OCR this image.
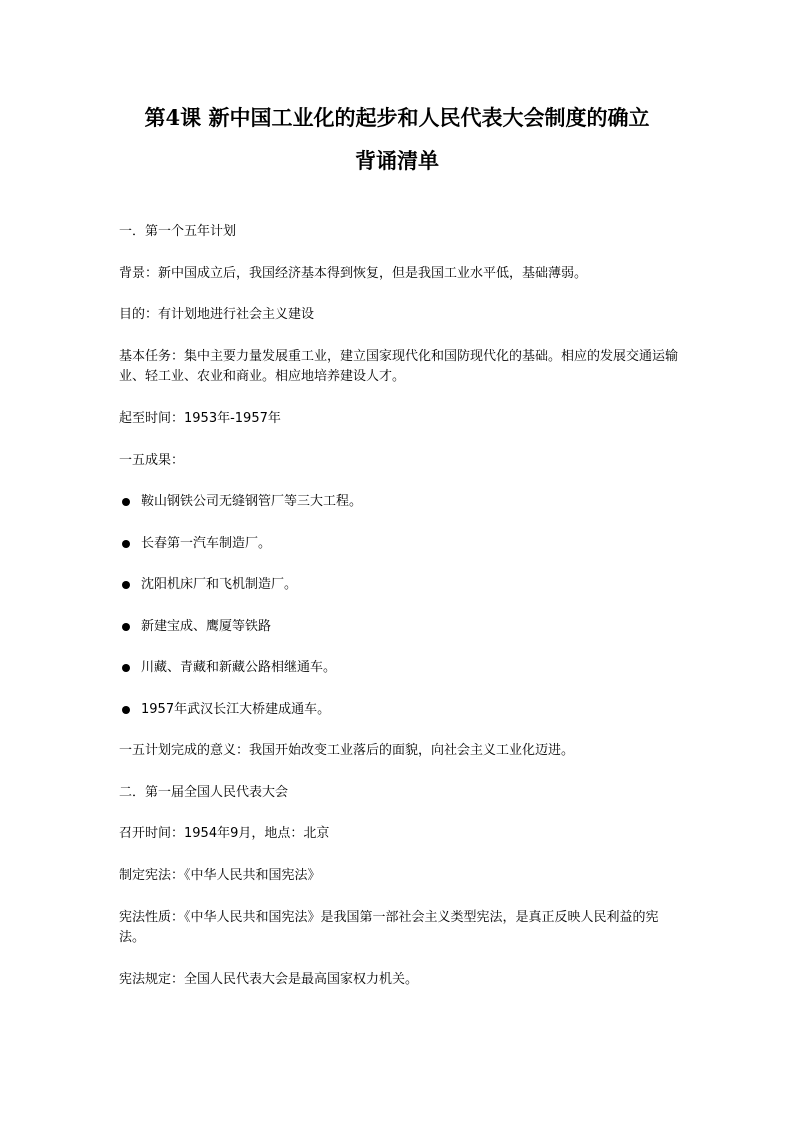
第4课 新中国工业化的起步和人民代表大会制度的确立
背诵清单
一．第一个五年计划
背景：新中国成立后，我国经济基本得到恢复，但是我国工业水平低，基础薄弱。
目的：有计划地进行社会主义建设
基本任务：集中主要力量发展重工业，建立国家现代化和国防现代化的基础。相应的发展交通运输业、轻工业、农业和商业。相应地培养建设人才。
起至时间：1953年-1957年
一五成果：
鞍山钢铁公司无缝钢管厂等三大工程。
长春第一汽车制造厂。
沈阳机床厂和飞机制造厂。
新建宝成、鹰厦等铁路
川藏、青藏和新藏公路相继通车。
1957年武汉长江大桥建成通车。
一五计划完成的意义：我国开始改变工业落后的面貌，向社会主义工业化迈进。
二．第一届全国人民代表大会
召开时间：1954年9月，地点：北京
制定宪法：《中华人民共和国宪法》
宪法性质：《中华人民共和国宪法》是我国第一部社会主义类型宪法，是真正反映人民利益的宪法。
宪法规定：全国人民代表大会是最高国家权力机关。
